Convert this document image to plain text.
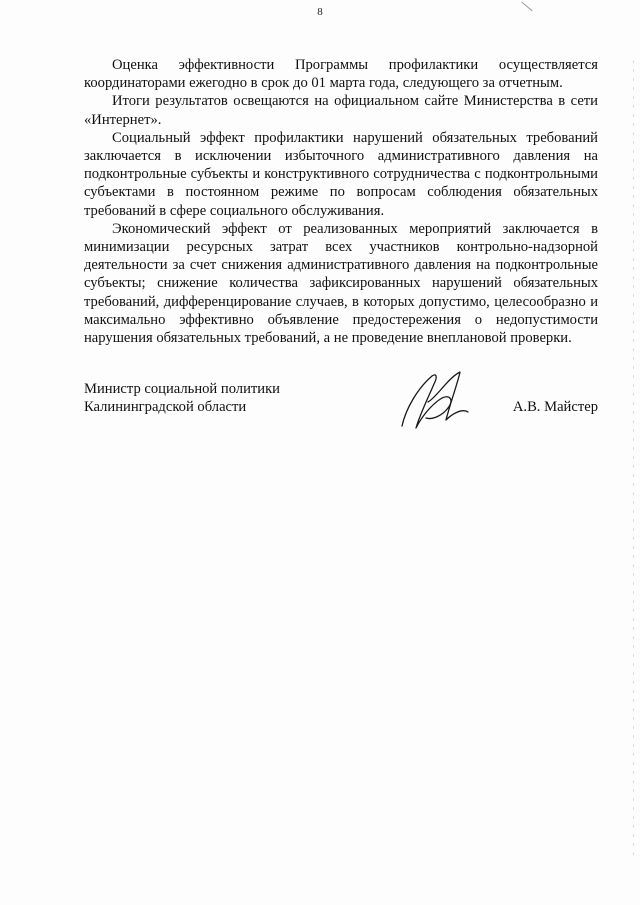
8

Оценка эффективности Программы профилактики осуществляется координаторами ежегодно в срок до 01 марта года, следующего за отчетным.

Итоги результатов освещаются на официальном сайте Министерства в сети «Интернет».

Социальный эффект профилактики нарушений обязательных требований заключается в исключении избыточного административного давления на подконтрольные субъекты и конструктивного сотрудничества с подконтрольными субъектами в постоянном режиме по вопросам соблюдения обязательных требований в сфере социального обслуживания.

Экономический эффект от реализованных мероприятий заключается в минимизации ресурсных затрат всех участников контрольно-надзорной деятельности за счет снижения административного давления на подконтрольные субъекты; снижение количества зафиксированных нарушений обязательных требований, дифференцирование случаев, в которых допустимо, целесообразно и максимально эффективно объявление предостережения о недопустимости нарушения обязательных требований, а не проведение внеплановой проверки.

Министр социальной политики
Калининградской области	А.В. Майстер
